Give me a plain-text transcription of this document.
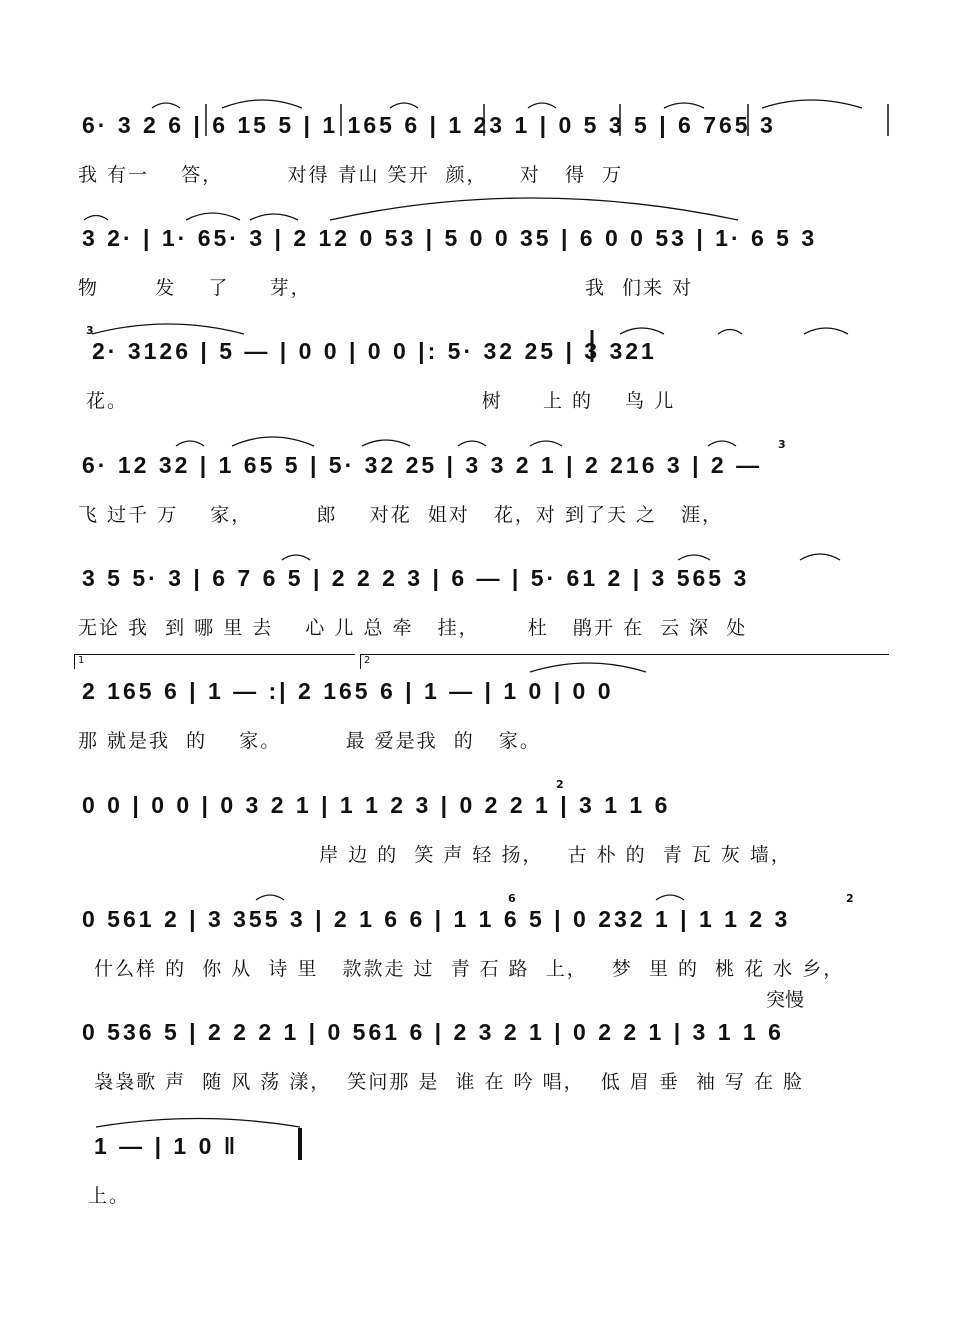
6· 3 2 6 | 6 15 5 | 1 165 6 | 1 23 1 | 0 5 3 5 | 6 765 3
我 有一    答，        对得 青山 笑开  颜，    对   得  万
3 2· | 1· 65· 3 | 2 12 0 53 | 5 0 0 35 | 6 0 0 53 | 1· 6 5 3
物       发    了     芽，                                  我  们来 对
3
2· 3126 | 5 — | 0 0 | 0 0 |: 5· 32 25 | 3 321
花。                                            树     上 的    鸟 儿
3
6· 12 32 | 1 65 5 | 5· 32 25 | 3 3 2 1 | 2 216 3 | 2 —
飞 过千 万    家，        郎    对花  姐对   花，对 到了天 之   涯，
3 5 5· 3 | 6 7 6 5 | 2 2 2 3 | 6 — | 5· 61 2 | 3 565 3
无论 我  到 哪 里 去    心 儿 总 牵   挂，      杜   鹃开 在  云 深  处
1	2
2 165 6 | 1 — :| 2 165 6 | 1 — | 1 0 | 0 0
那 就是我  的    家。        最 爱是我  的   家。
2
0 0 | 0 0 | 0 3 2 1 | 1 1 2 3 | 0 2 2 1 | 3 1 1 6
岸 边 的  笑 声 轻 扬，   古 朴 的  青 瓦 灰 墙，
6	2
0 561 2 | 3 355 3 | 2 1 6 6 | 1 1 6 5 | 0 232 1 | 1 1 2 3
什么样 的  你 从  诗 里   款款走 过  青 石 路  上，   梦  里 的  桃 花 水 乡，
突慢
0 536 5 | 2 2 2 1 | 0 561 6 | 2 3 2 1 | 0 2 2 1 | 3 1 1 6
袅袅歌 声  随 风 荡 漾，  笑问那 是  谁 在 吟 唱，  低 眉 垂  袖 写 在 脸
1 — | 1 0 ‖
上。
